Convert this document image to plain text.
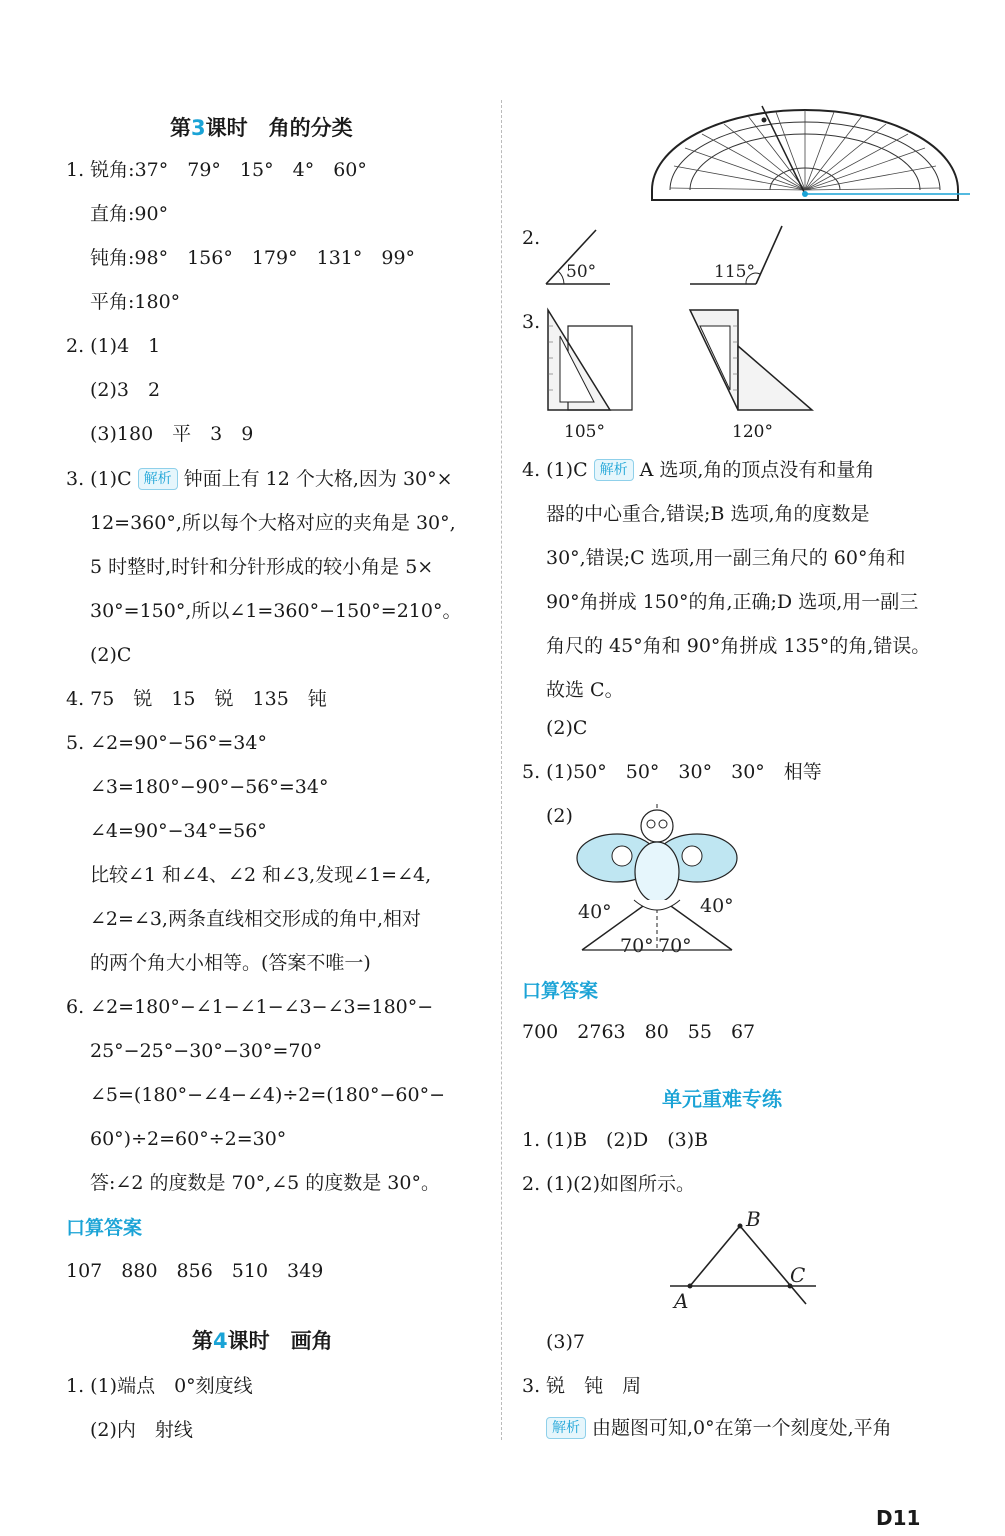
第3课时　角的分类
1. 锐角:37°　79°　15°　4°　60°
直角:90°
钝角:98°　156°　179°　131°　99°
平角:180°
2. (1)4　1
(2)3　2
(3)180　平　3　9
3. (1)C 解析 钟面上有 12 个大格,因为 30°×
12=360°,所以每个大格对应的夹角是 30°,
5 时整时,时针和分针形成的较小角是 5×
30°=150°,所以∠1=360°−150°=210°。
(2)C
4. 75　锐　15　锐　135　钝
5. ∠2=90°−56°=34°
∠3=180°−90°−56°=34°
∠4=90°−34°=56°
比较∠1 和∠4、∠2 和∠3,发现∠1=∠4,
∠2=∠3,两条直线相交形成的角中,相对
的两个角大小相等。(答案不唯一)
6. ∠2=180°−∠1−∠1−∠3−∠3=180°−
25°−25°−30°−30°=70°
∠5=(180°−∠4−∠4)÷2=(180°−60°−
60°)÷2=60°÷2=30°
答:∠2 的度数是 70°,∠5 的度数是 30°。
口算答案
107　880　856　510　349
第4课时　画角
1. (1)端点　0°刻度线
(2)内　射线
2.
50°	115°
3.
105°	120°
4. (1)C 解析 A 选项,角的顶点没有和量角
器的中心重合,错误;B 选项,角的度数是
30°,错误;C 选项,用一副三角尺的 60°角和
90°角拼成 150°的角,正确;D 选项,用一副三
角尺的 45°角和 90°角拼成 135°的角,错误。
故选 C。
(2)C
5. (1)50°　50°　30°　30°　相等
(2)
40°	40°
70° 70°
口算答案
700　2763　80　55　67
单元重难专练
1. (1)B　(2)D　(3)B
2. (1)(2)如图所示。
B
C
A
(3)7
3. 锐　钝　周
解析 由题图可知,0°在第一个刻度处,平角
D11
